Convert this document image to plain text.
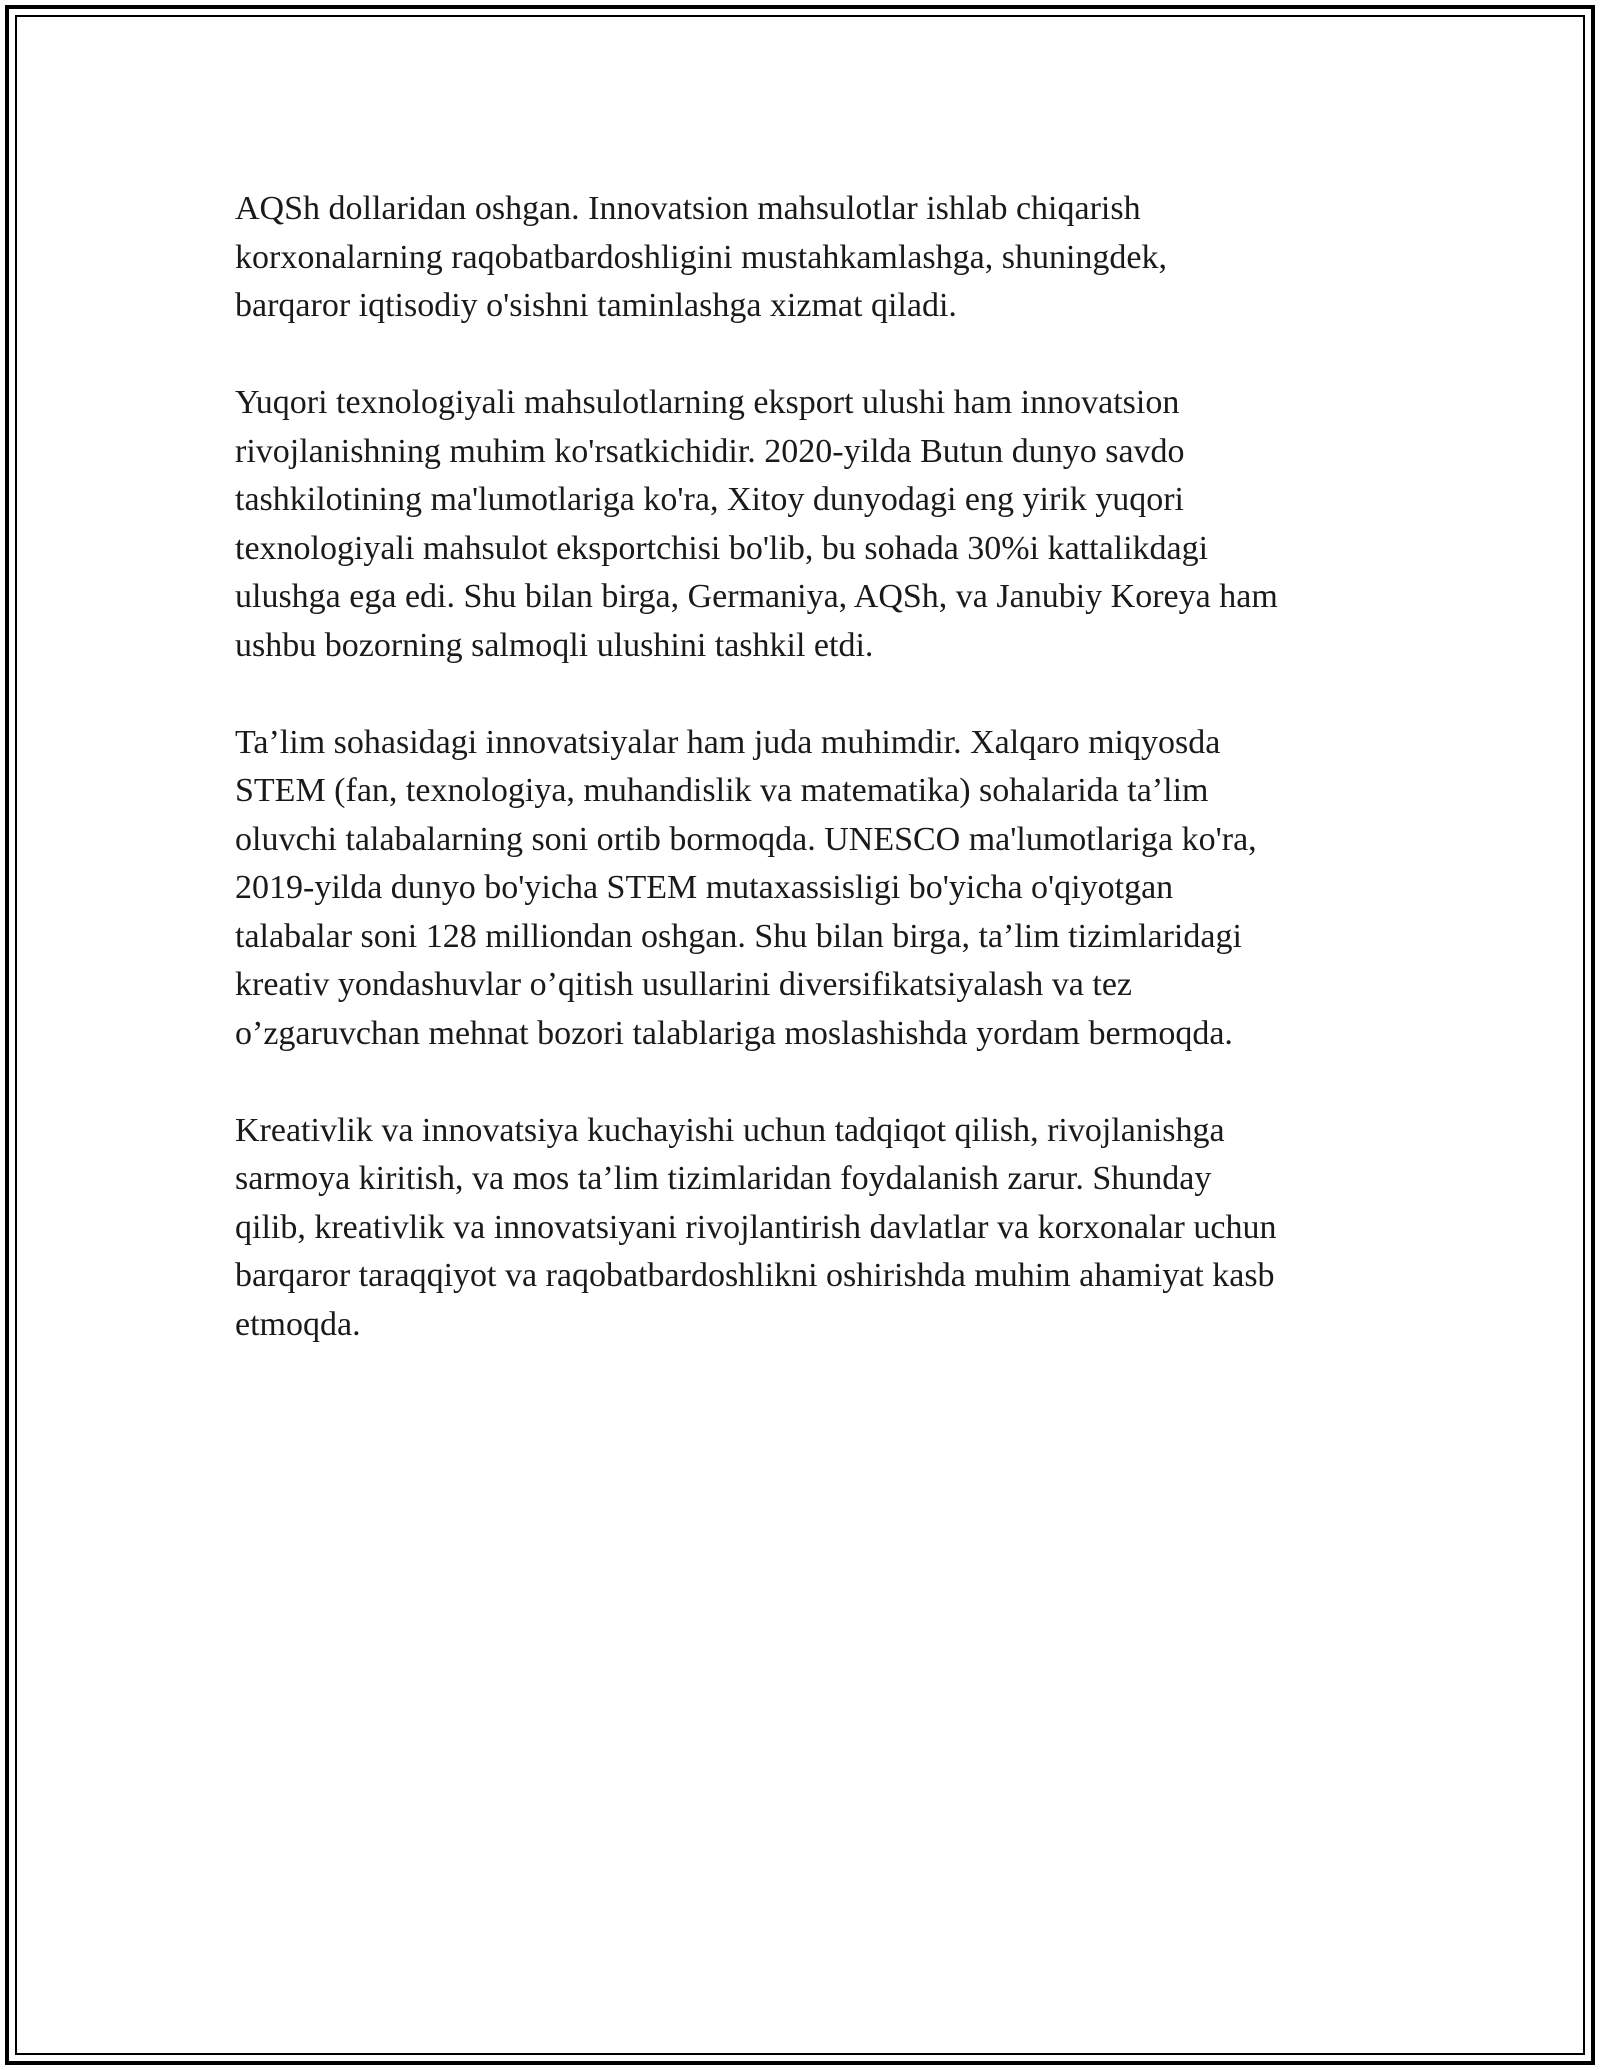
AQSh dollaridan oshgan. Innovatsion mahsulotlar ishlab chiqarish
korxonalarning raqobatbardoshligini mustahkamlashga, shuningdek,
barqaror iqtisodiy o'sishni taminlashga xizmat qiladi.

Yuqori texnologiyali mahsulotlarning eksport ulushi ham innovatsion
rivojlanishning muhim ko'rsatkichidir. 2020-yilda Butun dunyo savdo
tashkilotining ma'lumotlariga ko'ra, Xitoy dunyodagi eng yirik yuqori
texnologiyali mahsulot eksportchisi bo'lib, bu sohada 30%i kattalikdagi
ulushga ega edi. Shu bilan birga, Germaniya, AQSh, va Janubiy Koreya ham
ushbu bozorning salmoqli ulushini tashkil etdi.

Ta’lim sohasidagi innovatsiyalar ham juda muhimdir. Xalqaro miqyosda
STEM (fan, texnologiya, muhandislik va matematika) sohalarida ta’lim
oluvchi talabalarning soni ortib bormoqda. UNESCO ma'lumotlariga ko'ra,
2019-yilda dunyo bo'yicha STEM mutaxassisligi bo'yicha o'qiyotgan
talabalar soni 128 milliondan oshgan. Shu bilan birga, ta’lim tizimlaridagi
kreativ yondashuvlar o’qitish usullarini diversifikatsiyalash va tez
o’zgaruvchan mehnat bozori talablariga moslashishda yordam bermoqda.

Kreativlik va innovatsiya kuchayishi uchun tadqiqot qilish, rivojlanishga
sarmoya kiritish, va mos ta’lim tizimlaridan foydalanish zarur. Shunday
qilib, kreativlik va innovatsiyani rivojlantirish davlatlar va korxonalar uchun
barqaror taraqqiyot va raqobatbardoshlikni oshirishda muhim ahamiyat kasb
etmoqda.
